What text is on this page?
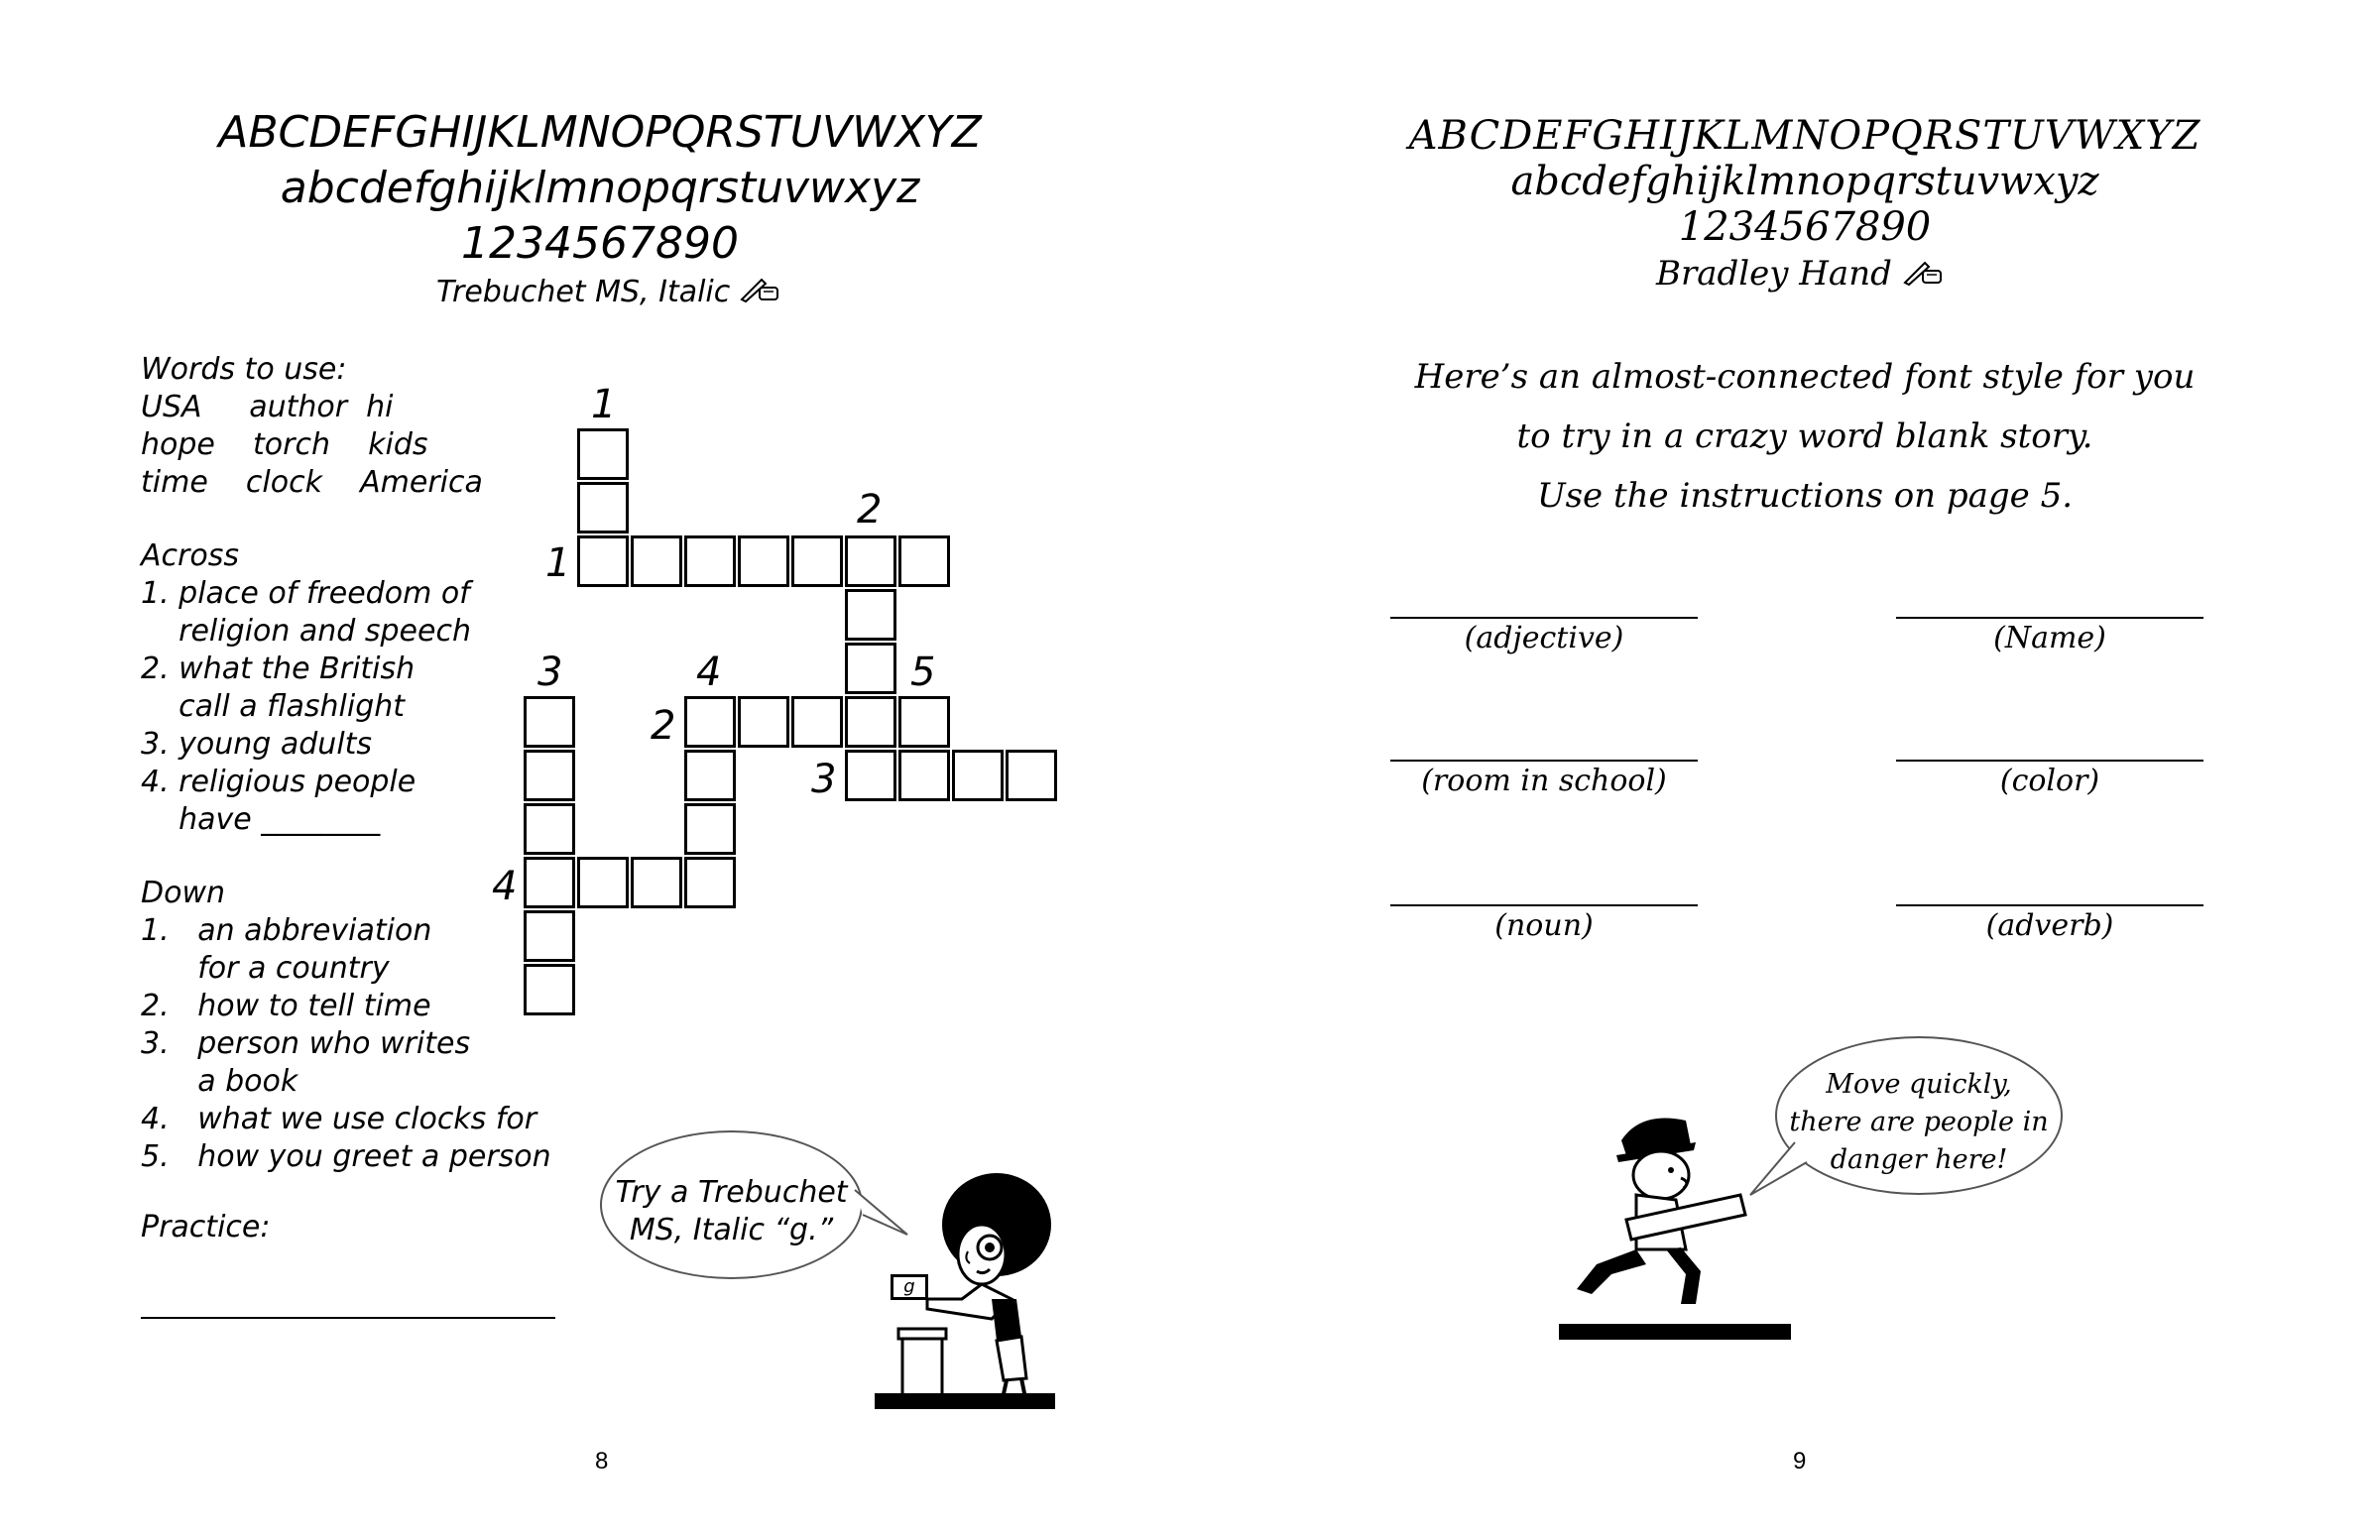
ABCDEFGHIJKLMNOPQRSTUVWXYZ
abcdefghijklmnopqrstuvwxyz
1234567890
Trebuchet MS, Italic
Words to use:
USA     author  hi
hope    torch    kids
time    clock    America
Across
1. place of freedom of
religion and speech
2. what the British
call a flashlight
3. young adults
4. religious people
have ________
Down
1.   an abbreviation
for a country
2.   how to tell time
3.   person who writes
a book
4.   what we use clocks for
5.   how you greet a person
Practice:
1
1
2
3	4	5
2
3
4
Try a Trebuchet
MS, Italic “g.”
g
8
ABCDEFGHIJKLMNOPQRSTUVWXYZ
abcdefghijklmnopqrstuvwxyz
1234567890
Bradley Hand
Here’s an almost-connected font style for you
to try in a crazy word blank story.
Use the instructions on page 5.
(adjective)	(Name)
(room in school)	(color)
(noun)	(adverb)
Move quickly,
there are people in
danger here!
9
